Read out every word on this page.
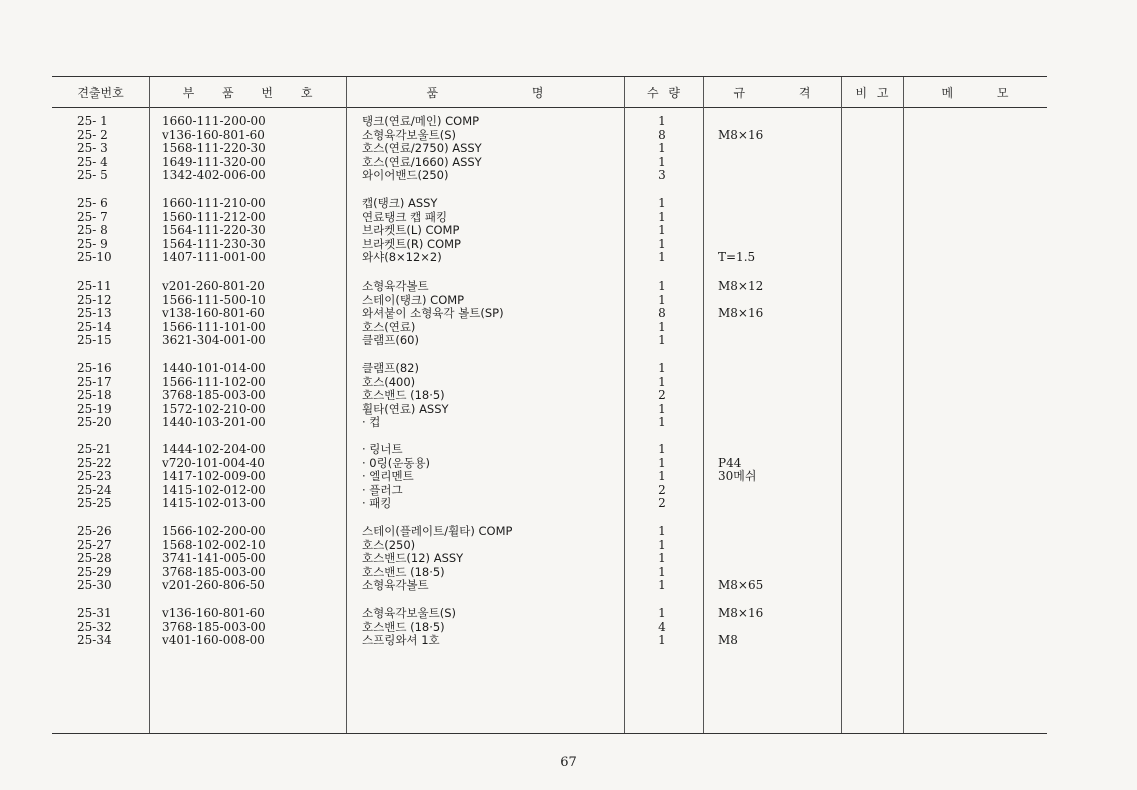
견출번호	부 품 번 호	품 명	수 량	규 격	비 고	메 모
25- 1	1660-111-200-00	탱크(연료/메인) COMP	1
25- 2	v136-160-801-60	소형육각보울트(S)	8	M8×16
25- 3	1568-111-220-30	호스(연료/2750) ASSY	1
25- 4	1649-111-320-00	호스(연료/1660) ASSY	1
25- 5	1342-402-006-00	와이어밴드(250)	3
25- 6	1660-111-210-00	캡(탱크) ASSY	1
25- 7	1560-111-212-00	연료탱크 캡 패킹	1
25- 8	1564-111-220-30	브라켓트(L) COMP	1
25- 9	1564-111-230-30	브라켓트(R) COMP	1
25-10	1407-111-001-00	와샤(8×12×2)	1	T=1.5
25-11	v201-260-801-20	소형육각볼트	1	M8×12
25-12	1566-111-500-10	스테이(탱크) COMP	1
25-13	v138-160-801-60	와셔붙이 소형육각 볼트(SP)	8	M8×16
25-14	1566-111-101-00	호스(연료)	1
25-15	3621-304-001-00	클램프(60)	1
25-16	1440-101-014-00	클램프(82)	1
25-17	1566-111-102-00	호스(400)	1
25-18	3768-185-003-00	호스밴드 (18·5)	2
25-19	1572-102-210-00	휠타(연료) ASSY	1
25-20	1440-103-201-00	· 컵	1
25-21	1444-102-204-00	· 링너트	1
25-22	v720-101-004-40	· 0링(운동용)	1	P44
25-23	1417-102-009-00	· 엘리멘트	1	30메쉬
25-24	1415-102-012-00	· 플러그	2
25-25	1415-102-013-00	· 패킹	2
25-26	1566-102-200-00	스테이(플레이트/휠타) COMP	1
25-27	1568-102-002-10	호스(250)	1
25-28	3741-141-005-00	호스밴드(12) ASSY	1
25-29	3768-185-003-00	호스밴드 (18·5)	1
25-30	v201-260-806-50	소형육각볼트	1	M8×65
25-31	v136-160-801-60	소형육각보울트(S)	1	M8×16
25-32	3768-185-003-00	호스밴드 (18·5)	4
25-34	v401-160-008-00	스프링와셔 1호	1	M8
67
